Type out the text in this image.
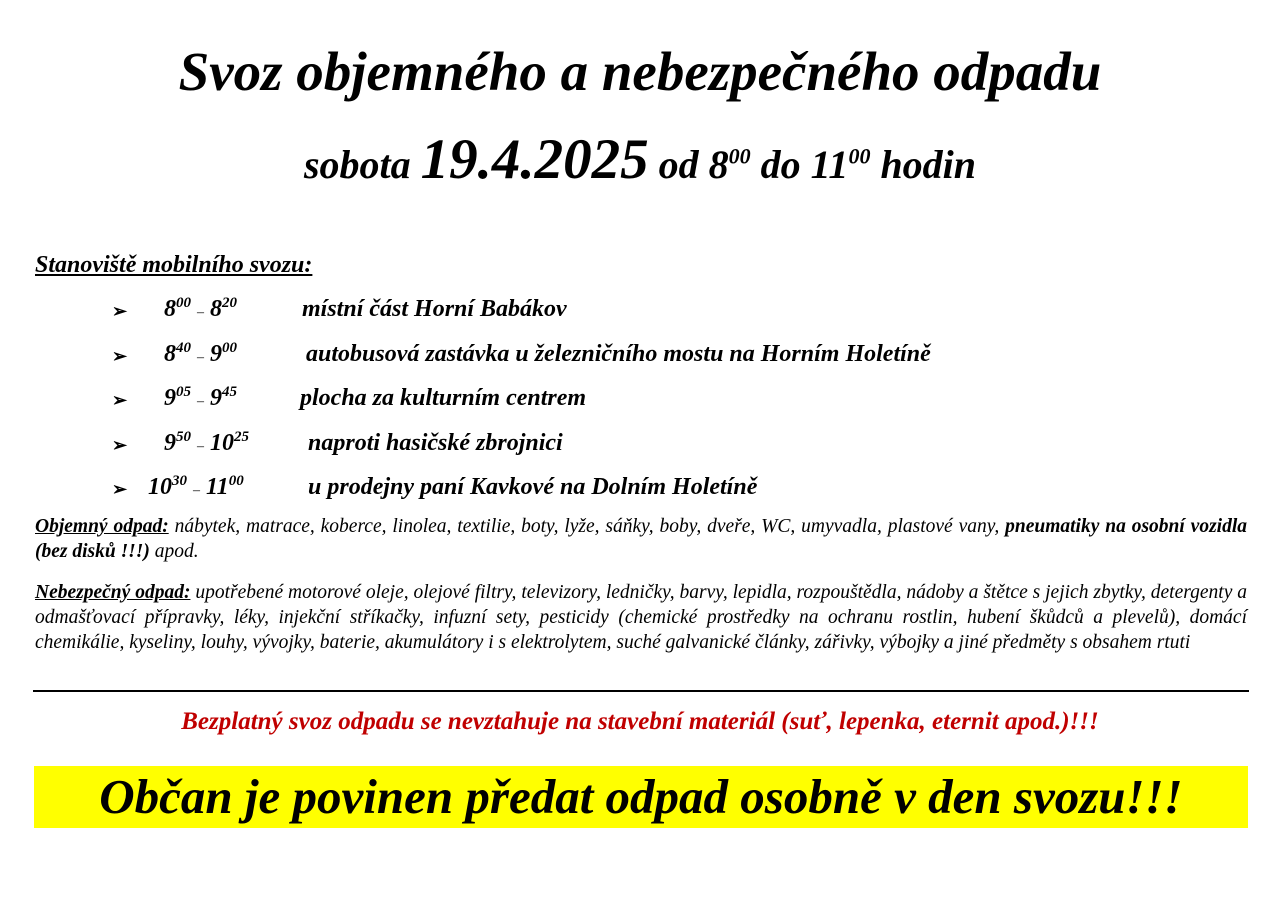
Svoz objemného a nebezpečného odpadu
sobota 19.4.2025 od $8^{00}$ do $11^{00}$ hodin
Stanoviště mobilního svozu:
➢ $8^{00}-$ $8^{20}$	místní část Horní Babákov
➢ $8^{40}-$ $9^{00}$	autobusová zastávka u železničního mostu na Horním Holetíně
➢ $9^{05}-$ $9^{45}$	plocha za kulturním centrem
➢ $9^{50}-$ $10^{25}$ naproti hasičské zbrojnici
➢ $10^{30}-$ $11^{00}$	u prodejny paní Kavkové na Dolním Holetíně
Objemný odpad: nábytek, matrace, koberce, linolea, textilie, boty, lyže, sáňky, boby, dveře, WC, umyvadla, plastové vany, pneumatiky na osobní vozidla (bez disků !!!) apod.
Nebezpečný odpad: upotřebené motorové oleje, olejové filtry, televizory, ledničky, barvy, lepidla, rozpouštědla, nádoby a štětce s jejich zbytky, detergenty a odmašťovací přípravky, léky, injekční stříkačky, infuzní sety, pesticidy (chemické prostředky na ochranu rostlin, hubení škůdců a plevelů), domácí chemikálie, kyseliny, louhy, vývojky, baterie, akumulátory i s elektrolytem, suché galvanické články, zářivky, výbojky a jiné předměty s obsahem rtuti
Bezplatný svoz odpadu se nevztahuje na stavební materiál (suť, lepenka, eternit apod.)!!!
Občan je povinen předat odpad osobně v den svozu!!!
